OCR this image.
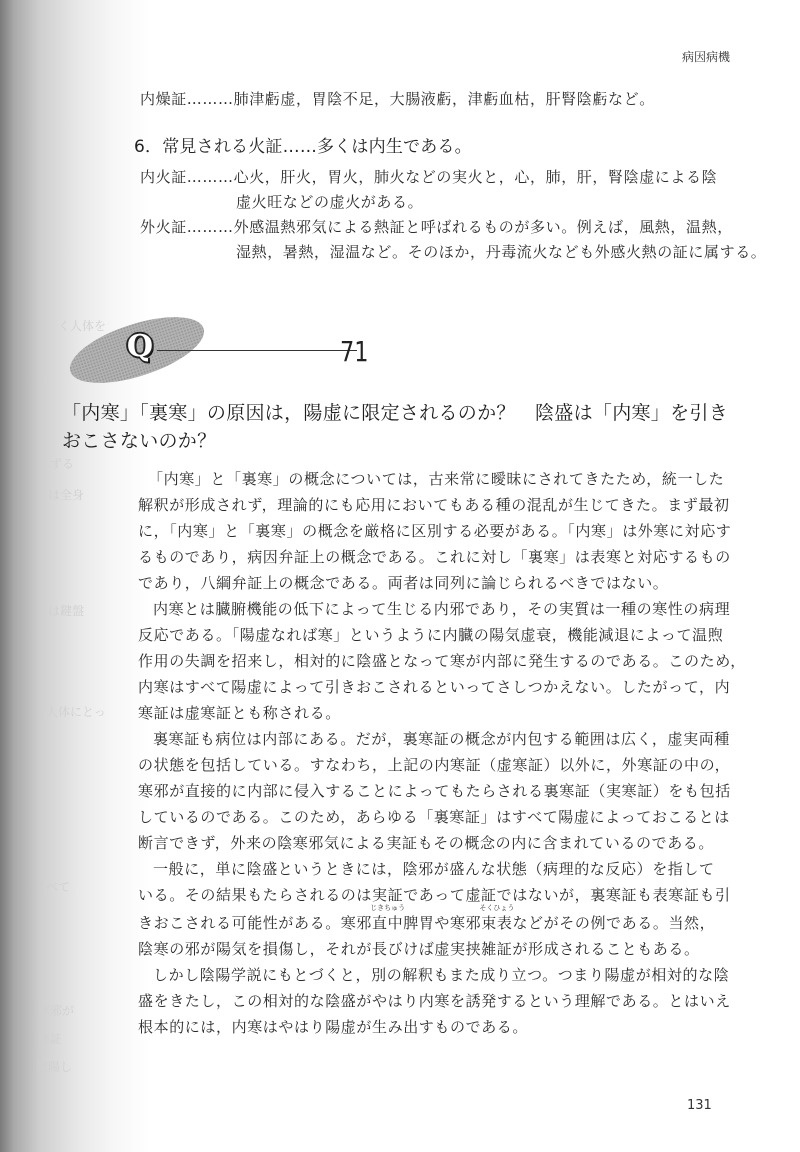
病因病機
く人体を
ずる
は全身
は鍵盤
人体にとっ
べて
寒邪が
寒証
陰陽し
内燥証………肺津虧虚，胃陰不足，大腸液虧，津虧血枯，肝腎陰虧など。
6．常見される火証……多くは内生である。
内火証………心火，肝火，胃火，肺火などの実火と，心，肺，肝，腎陰虚による陰
虚火旺などの虚火がある。
外火証………外感温熱邪気による熱証と呼ばれるものが多い。例えば，風熱，温熱，
湿熱，暑熱，湿温など。そのほか，丹毒流火なども外感火熱の証に属する。
Q	71
「内寒」「裏寒」の原因は，陽虚に限定されるのか？　陰盛は「内寒」を引き
おこさないのか？
「内寒」と「裏寒」の概念については，古来常に曖昧にされてきたため，統一した
解釈が形成されず，理論的にも応用においてもある種の混乱が生じてきた。まず最初
に，「内寒」と「裏寒」の概念を厳格に区別する必要がある。「内寒」は外寒に対応す
るものであり，病因弁証上の概念である。これに対し「裏寒」は表寒と対応するもの
であり，八綱弁証上の概念である。両者は同列に論じられるべきではない。
内寒とは臓腑機能の低下によって生じる内邪であり，その実質は一種の寒性の病理
反応である。「陽虚なれば寒」というように内臓の陽気虚衰，機能減退によって温煦
作用の失調を招来し，相対的に陰盛となって寒が内部に発生するのである。このため，
内寒はすべて陽虚によって引きおこされるといってさしつかえない。したがって，内
寒証は虚寒証とも称される。
裏寒証も病位は内部にある。だが，裏寒証の概念が内包する範囲は広く，虚実両種
の状態を包括している。すなわち，上記の内寒証（虚寒証）以外に，外寒証の中の，
寒邪が直接的に内部に侵入することによってもたらされる裏寒証（実寒証）をも包括
しているのである。このため，あらゆる「裏寒証」はすべて陽虚によっておこるとは
断言できず，外来の陰寒邪気による実証もその概念の内に含まれているのである。
一般に，単に陰盛というときには，陰邪が盛んな状態（病理的な反応）を指して
いる。その結果もたらされるのは実証であって虚証ではないが，裏寒証も表寒証も引
きおこされる可能性がある。寒邪直中
じきちゅう
脾胃や寒邪束表
そくひょう
などがその例である。当然，
陰寒の邪が陽気を損傷し，それが長びけば虚実挟雑証が形成されることもある。
しかし陰陽学説にもとづくと，別の解釈もまた成り立つ。つまり陽虚が相対的な陰
盛をきたし，この相対的な陰盛がやはり内寒を誘発するという理解である。とはいえ
根本的には，内寒はやはり陽虚が生み出すものである。
131
